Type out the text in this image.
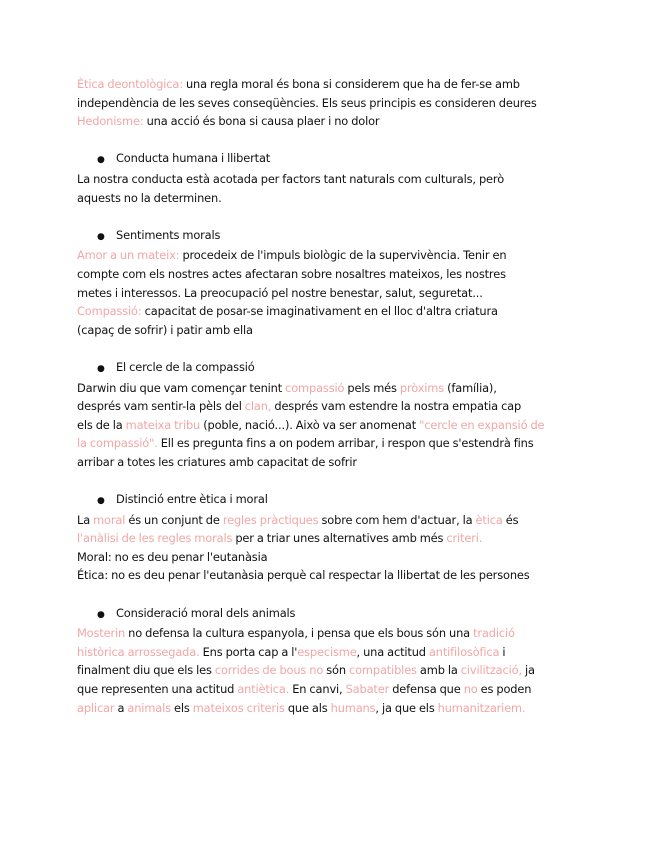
Ètica deontològica: una regla moral és bona si considerem que ha de fer-se amb
independència de les seves conseqüències. Els seus principis es consideren deures
Hedonisme: una acció és bona si causa plaer i no dolor
● Conducta humana i llibertat
La nostra conducta està acotada per factors tant naturals com culturals, però
aquests no la determinen.
● Sentiments morals
Amor a un mateix: procedeix de l'impuls biològic de la supervivència. Tenir en
compte com els nostres actes afectaran sobre nosaltres mateixos, les nostres
metes i interessos. La preocupació pel nostre benestar, salut, seguretat...
Compassió: capacitat de posar-se imaginativament en el lloc d'altra criatura
(capaç de sofrir) i patir amb ella
● El cercle de la compassió
Darwin diu que vam començar tenint compassió pels més pròxims (família),
després vam sentir-la pèls del clan, després vam estendre la nostra empatia cap
els de la mateixa tribu (poble, nació...). Això va ser anomenat "cercle en expansió de
la compassió". Ell es pregunta fins a on podem arribar, i respon que s'estendrà fins
arribar a totes les criatures amb capacitat de sofrir
● Distinció entre ètica i moral
La moral és un conjunt de regles pràctiques sobre com hem d'actuar, la ètica és
l'anàlisi de les regles morals per a triar unes alternatives amb més criteri.
Moral: no es deu penar l'eutanàsia
Ética: no es deu penar l'eutanàsia perquè cal respectar la llibertat de les persones
● Consideració moral dels animals
Mosterin no defensa la cultura espanyola, i pensa que els bous són una tradició
històrica arrossegada. Ens porta cap a l'especisme, una actitud antifilosòfica i
finalment diu que els les corrides de bous no són compatibles amb la civilització, ja
que representen una actitud antiètica. En canvi, Sabater defensa que no es poden
aplicar a animals els mateixos criteris que als humans, ja que els humanitzariem.
